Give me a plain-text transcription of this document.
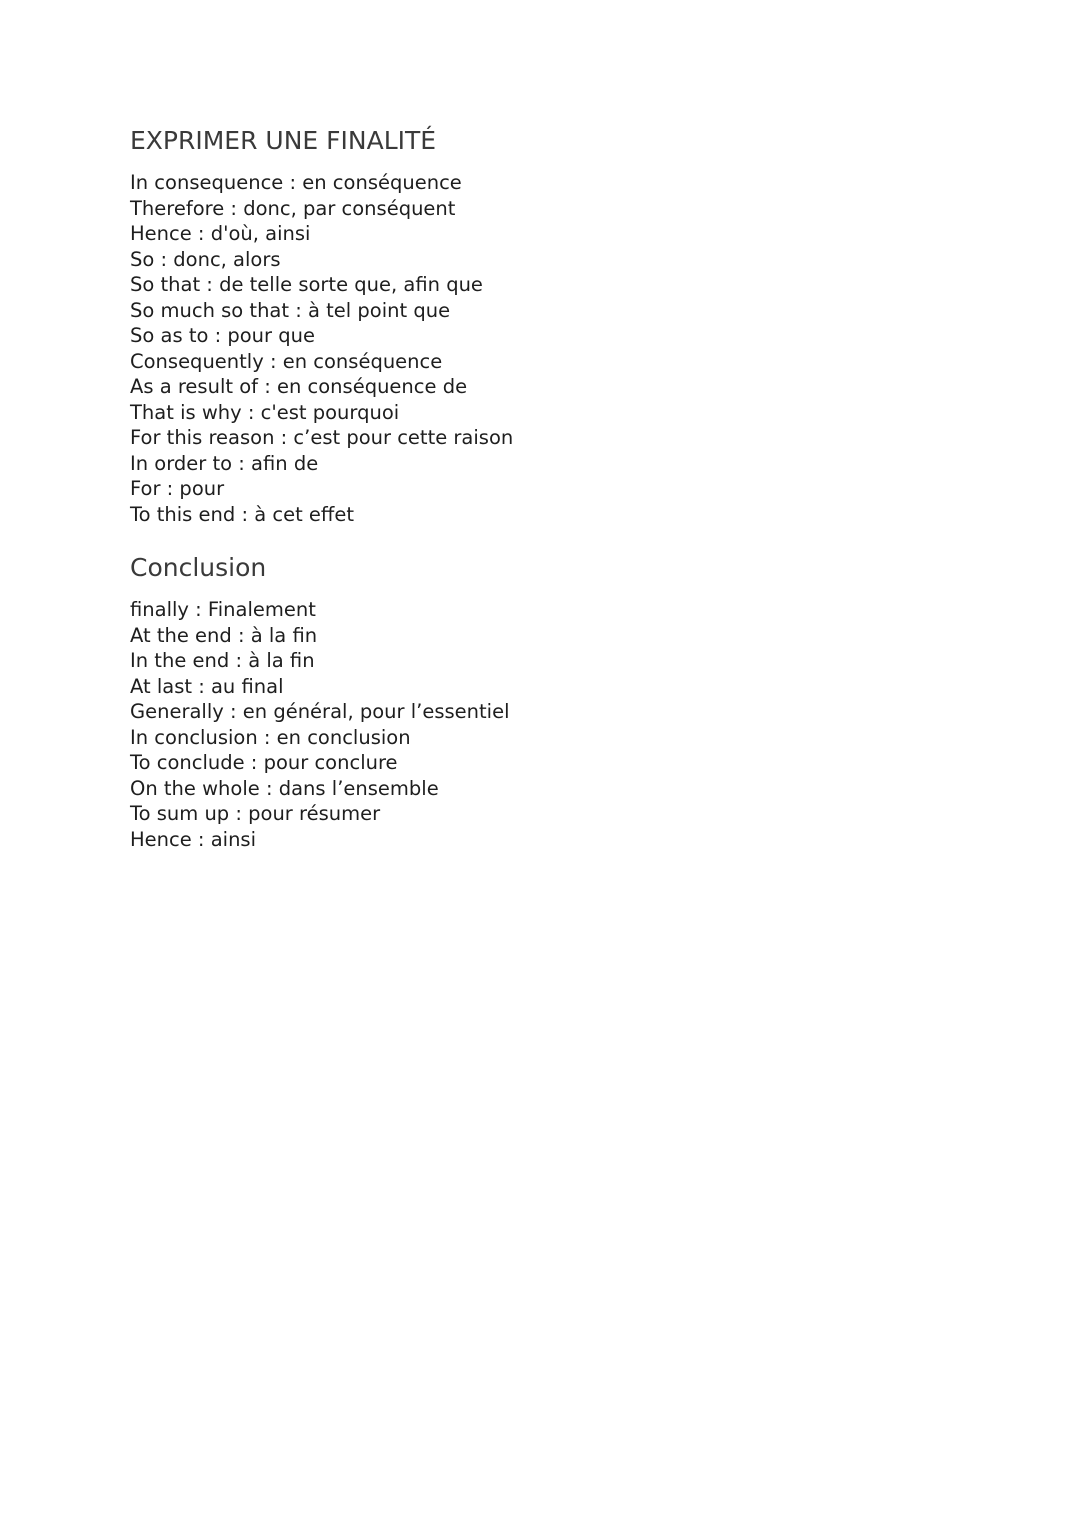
EXPRIMER UNE FINALITÉ
In consequence : en conséquence
Therefore : donc, par conséquent
Hence : d'où, ainsi
So : donc, alors
So that : de telle sorte que, afin que
So much so that : à tel point que
So as to : pour que
Consequently : en conséquence
As a result of : en conséquence de
That is why : c'est pourquoi
For this reason : c’est pour cette raison
In order to : afin de
For : pour
To this end : à cet effet
Conclusion
finally : Finalement
At the end : à la fin
In the end : à la fin
At last : au final
Generally : en général, pour l’essentiel
In conclusion : en conclusion
To conclude : pour conclure
On the whole : dans l’ensemble
To sum up : pour résumer
Hence : ainsi
